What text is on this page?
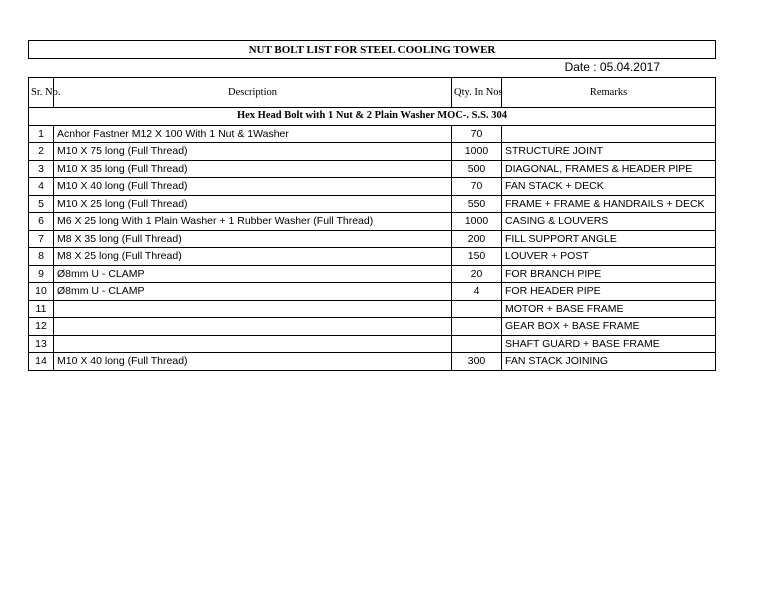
NUT BOLT LIST FOR STEEL COOLING TOWER
Date : 05.04.2017
Sr. No.	Description	Qty. In Nos	Remarks
Hex Head Bolt with 1 Nut & 2 Plain Washer MOC-. S.S. 304			
1	Acnhor Fastner M12 X 100 With 1 Nut & 1Washer	70	
2	M10 X 75 long (Full Thread)	1000	STRUCTURE JOINT
3	M10 X 35 long (Full Thread)	500	DIAGONAL, FRAMES & HEADER PIPE
4	M10 X 40 long (Full Thread)	70	FAN STACK + DECK
5	M10 X 25 long (Full Thread)	550	FRAME + FRAME & HANDRAILS + DECK
6	M6 X 25 long With 1 Plain Washer + 1 Rubber Washer (Full Thread)	1000	CASING & LOUVERS
7	M8 X 35 long (Full Thread)	200	FILL SUPPORT ANGLE
8	M8 X 25 long (Full Thread)	150	LOUVER + POST
9	Ø8mm U - CLAMP	20	FOR BRANCH PIPE
10	Ø8mm U - CLAMP	4	FOR HEADER PIPE
11			MOTOR + BASE FRAME
12			GEAR BOX + BASE FRAME
13			SHAFT GUARD + BASE FRAME
14	M10 X 40 long (Full Thread)	300	FAN STACK JOINING
